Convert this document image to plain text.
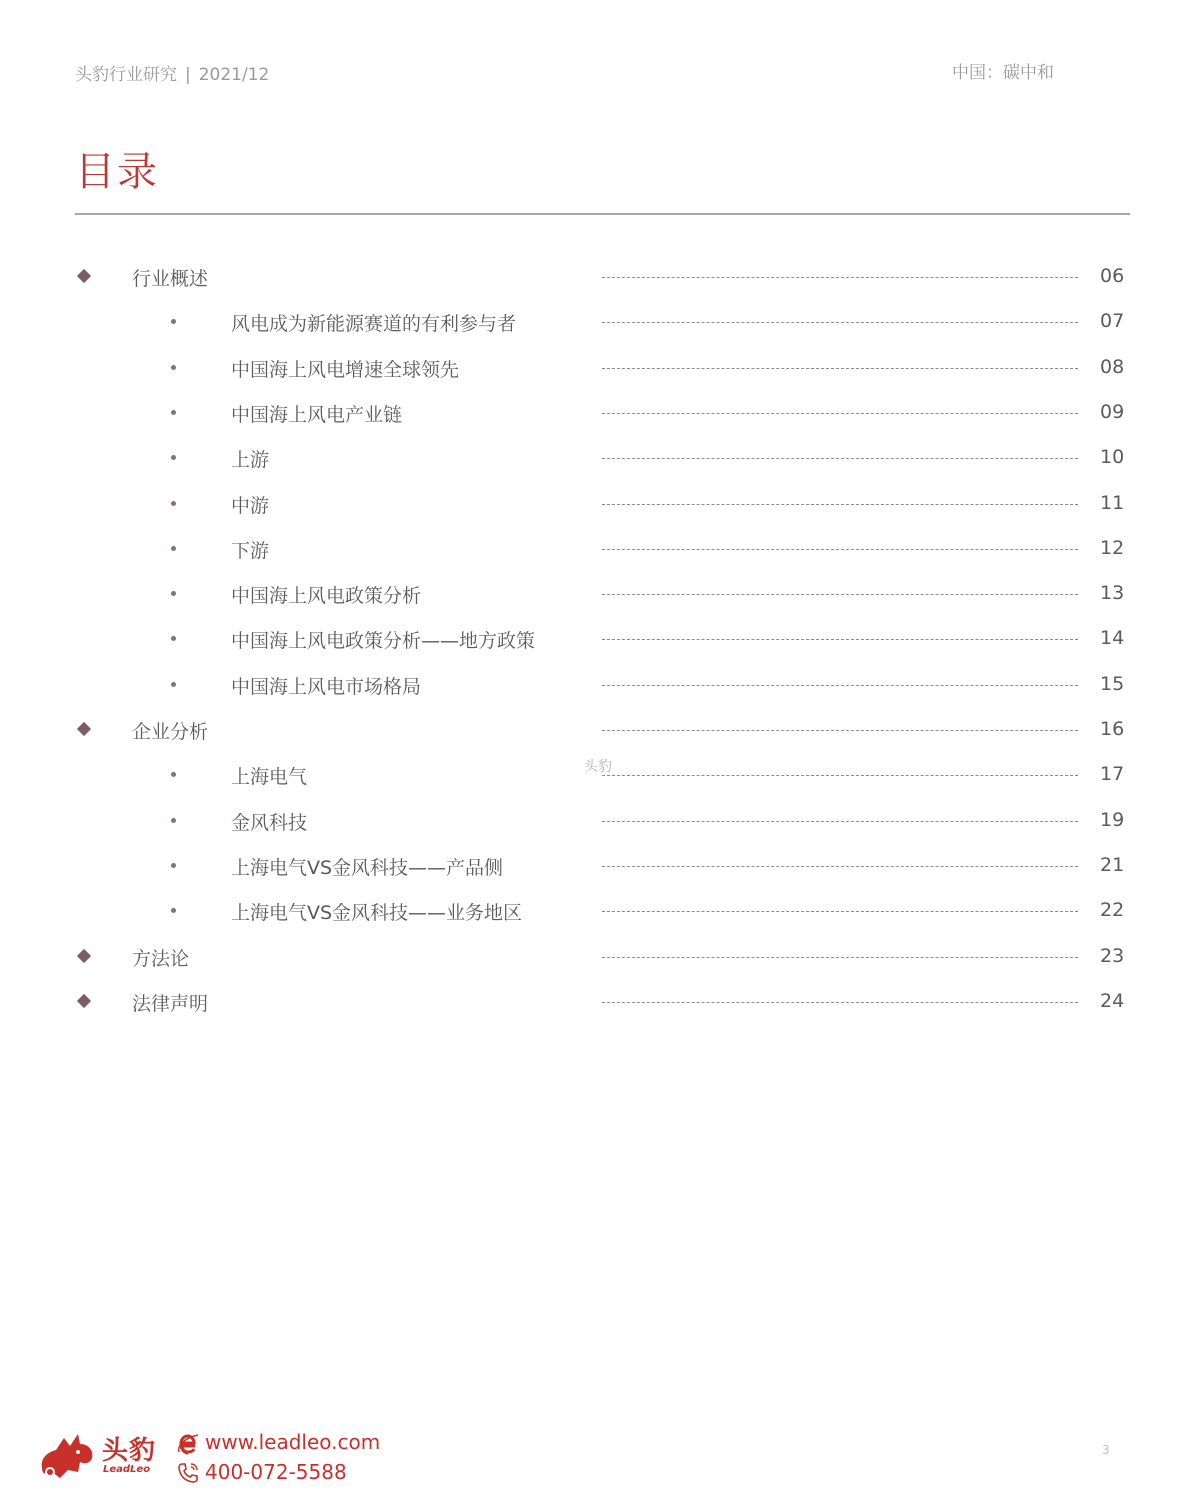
头豹行业研究 | 2021/12	中国：碳中和
目录
行业概述	06
风电成为新能源赛道的有利参与者	07
中国海上风电增速全球领先	08
中国海上风电产业链	09
上游	10
中游	11
下游	12
中国海上风电政策分析	13
中国海上风电政策分析——地方政策	14
中国海上风电市场格局	15
企业分析	16
上海电气	17
金风科技	19
上海电气VS金风科技——产品侧	21
上海电气VS金风科技——业务地区	22
方法论	23
法律声明	24
头豹
头豹
LeadLeo
www.leadleo.com
400-072-5588
3
